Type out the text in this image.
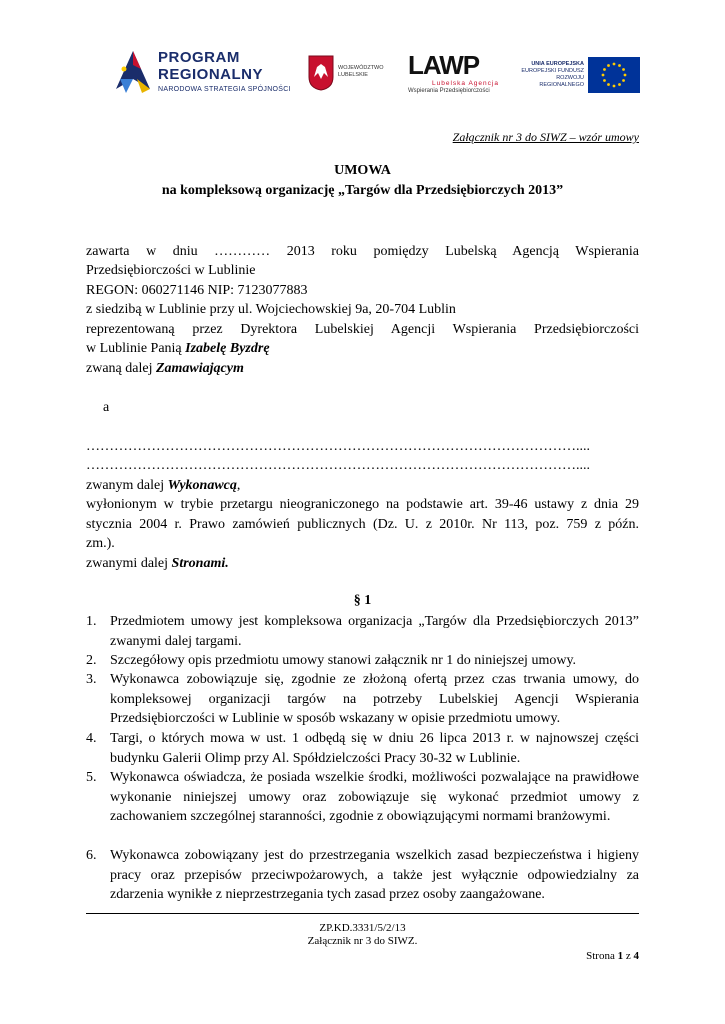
PROGRAM
REGIONALNY
NARODOWA STRATEGIA SPÓJNOŚCI
WOJEWÓDZTWO
LUBELSKIE	LAWP
Lubelska Agencja
Wspierania Przedsiębiorczości
UNIA EUROPEJSKA
EUROPEJSKI FUNDUSZ
ROZWOJU REGIONALNEGO
Załącznik nr 3 do SIWZ – wzór umowy
UMOWA
na kompleksową organizację „Targów dla Przedsiębiorczych 2013”
zawarta w dniu ………… 2013 roku pomiędzy Lubelską Agencją Wspierania
Przedsiębiorczości w Lublinie
REGON: 060271146 NIP: 7123077883
z siedzibą w Lublinie przy ul. Wojciechowskiej 9a, 20-704 Lublin
reprezentowaną przez Dyrektora Lubelskiej Agencji Wspierania Przedsiębiorczości
w Lublinie Panią Izabelę Byzdrę
zwaną dalej Zamawiającym
a
……………………………………………………………………………………………....
……………………………………………………………………………………………....
zwanym dalej Wykonawcą,
wyłonionym w trybie przetargu nieograniczonego na podstawie art. 39-46 ustawy z dnia 29
stycznia 2004 r. Prawo zamówień publicznych (Dz. U. z 2010r. Nr 113, poz. 759 z późn.
zm.).
zwanymi dalej Stronami.
§ 1
1. Przedmiotem umowy jest kompleksowa organizacja „Targów dla Przedsiębiorczych 2013” zwanymi dalej targami.
2. Szczegółowy opis przedmiotu umowy stanowi załącznik nr 1 do niniejszej umowy.
3. Wykonawca zobowiązuje się, zgodnie ze złożoną ofertą przez czas trwania umowy, do kompleksowej organizacji targów na potrzeby Lubelskiej Agencji Wspierania Przedsiębiorczości w Lublinie w sposób wskazany w opisie przedmiotu umowy.
4. Targi, o których mowa w ust. 1 odbędą się w dniu 26 lipca 2013 r. w najnowszej części budynku Galerii Olimp przy Al. Spółdzielczości Pracy 30-32 w Lublinie.
5. Wykonawca oświadcza, że posiada wszelkie środki, możliwości pozwalające na prawidłowe wykonanie niniejszej umowy oraz zobowiązuje się wykonać przedmiot umowy z zachowaniem szczególnej staranności, zgodnie z obowiązującymi normami branżowymi.
6. Wykonawca zobowiązany jest do przestrzegania wszelkich zasad bezpieczeństwa i higieny pracy oraz przepisów przeciwpożarowych, a także jest wyłącznie odpowiedzialny za zdarzenia wynikłe z nieprzestrzegania tych zasad przez osoby zaangażowane.
ZP.KD.3331/5/2/13
Załącznik nr 3 do SIWZ.
Strona 1 z 4
